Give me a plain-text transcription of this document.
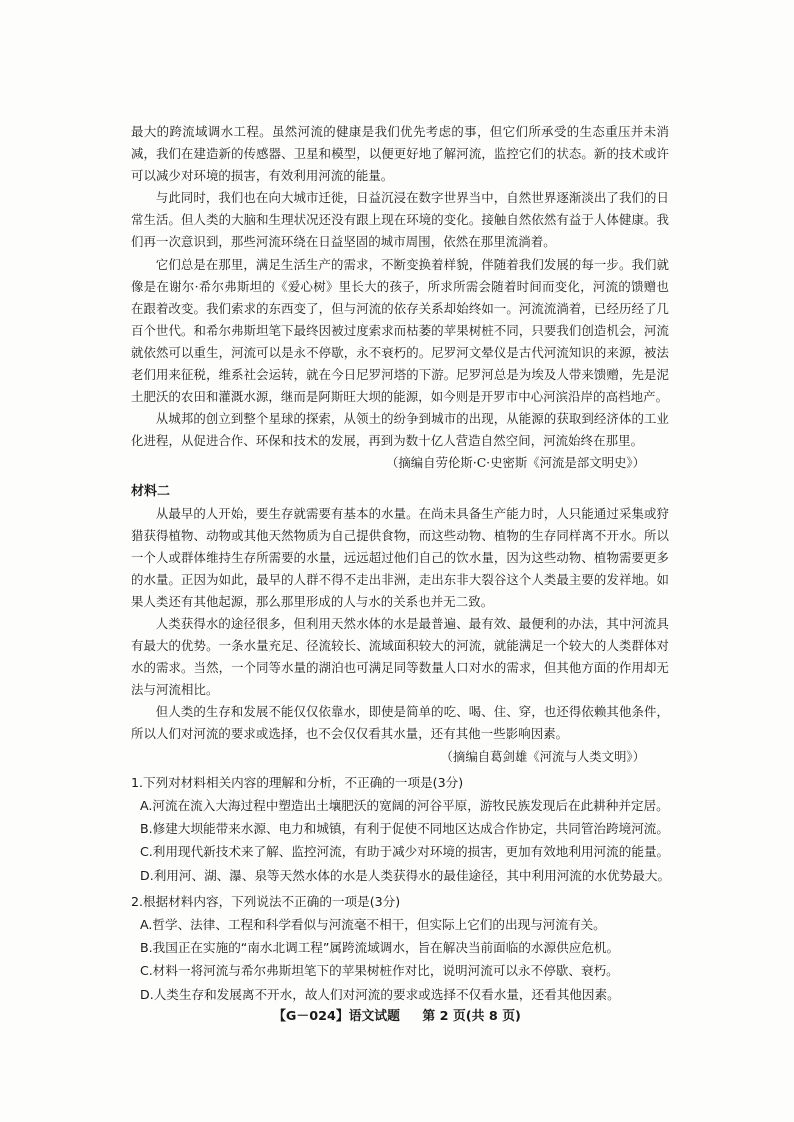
最大的跨流域调水工程。虽然河流的健康是我们优先考虑的事，但它们所承受的生态重压并未消减，我们在建造新的传感器、卫星和模型，以便更好地了解河流，监控它们的状态。新的技术或许可以减少对环境的损害，有效利用河流的能量。

与此同时，我们也在向大城市迁徙，日益沉浸在数字世界当中，自然世界逐渐淡出了我们的日常生活。但人类的大脑和生理状况还没有跟上现在环境的变化。接触自然依然有益于人体健康。我们再一次意识到，那些河流环绕在日益坚固的城市周围，依然在那里流淌着。

它们总是在那里，满足生活生产的需求，不断变换着样貌，伴随着我们发展的每一步。我们就像是在谢尔·希尔弗斯坦的《爱心树》里长大的孩子，所求所需会随着时间而变化，河流的馈赠也在跟着改变。我们索求的东西变了，但与河流的依存关系却始终如一。河流流淌着，已经历经了几百个世代。和希尔弗斯坦笔下最终因被过度索求而枯萎的苹果树桩不同，只要我们创造机会，河流就依然可以重生，河流可以是永不停歇，永不衰朽的。尼罗河文晕仪是古代河流知识的来源，被法老们用来征税，维系社会运转，就在今日尼罗河塔的下游。尼罗河总是为埃及人带来馈赠，先是泥土肥沃的农田和灌溉水源，继而是阿斯旺大坝的能源，如今则是开罗市中心河滨沿岸的高档地产。

从城邦的创立到整个星球的探索，从领土的纷争到城市的出现，从能源的获取到经济体的工业化进程，从促进合作、环保和技术的发展，再到为数十亿人营造自然空间，河流始终在那里。

（摘编自劳伦斯·C·史密斯《河流是部文明史》）

材料二

从最早的人开始，要生存就需要有基本的水量。在尚未具备生产能力时，人只能通过采集或狩猎获得植物、动物或其他天然物质为自己提供食物，而这些动物、植物的生存同样离不开水。所以一个人或群体维持生存所需要的水量，远远超过他们自己的饮水量，因为这些动物、植物需要更多的水量。正因为如此，最早的人群不得不走出非洲，走出东非大裂谷这个人类最主要的发祥地。如果人类还有其他起源，那么那里形成的人与水的关系也并无二致。

人类获得水的途径很多，但利用天然水体的水是最普遍、最有效、最便利的办法，其中河流具有最大的优势。一条水量充足、径流较长、流域面积较大的河流，就能满足一个较大的人类群体对水的需求。当然，一个同等水量的湖泊也可满足同等数量人口对水的需求，但其他方面的作用却无法与河流相比。

但人类的生存和发展不能仅仅依靠水，即使是简单的吃、喝、住、穿，也还得依赖其他条件，所以人们对河流的要求或选择，也不会仅仅看其水量，还有其他一些影响因素。

（摘编自葛剑雄《河流与人类文明》）

1.下列对材料相关内容的理解和分析，不正确的一项是(3分)

A.河流在流入大海过程中塑造出土壤肥沃的宽阔的河谷平原，游牧民族发现后在此耕种并定居。

B.修建大坝能带来水源、电力和城镇，有利于促使不同地区达成合作协定，共同管治跨境河流。

C.利用现代新技术来了解、监控河流，有助于减少对环境的损害，更加有效地利用河流的能量。

D.利用河、湖、瀑、泉等天然水体的水是人类获得水的最佳途径，其中利用河流的水优势最大。

2.根据材料内容，下列说法不正确的一项是(3分)

A.哲学、法律、工程和科学看似与河流毫不相干，但实际上它们的出现与河流有关。

B.我国正在实施的“南水北调工程”属跨流域调水，旨在解决当前面临的水源供应危机。

C.材料一将河流与希尔弗斯坦笔下的苹果树桩作对比，说明河流可以永不停歇、衰朽。

D.人类生存和发展离不开水，故人们对河流的要求或选择不仅看水量，还看其他因素。

【G－024】语文试题 第 2 页(共 8 页)
